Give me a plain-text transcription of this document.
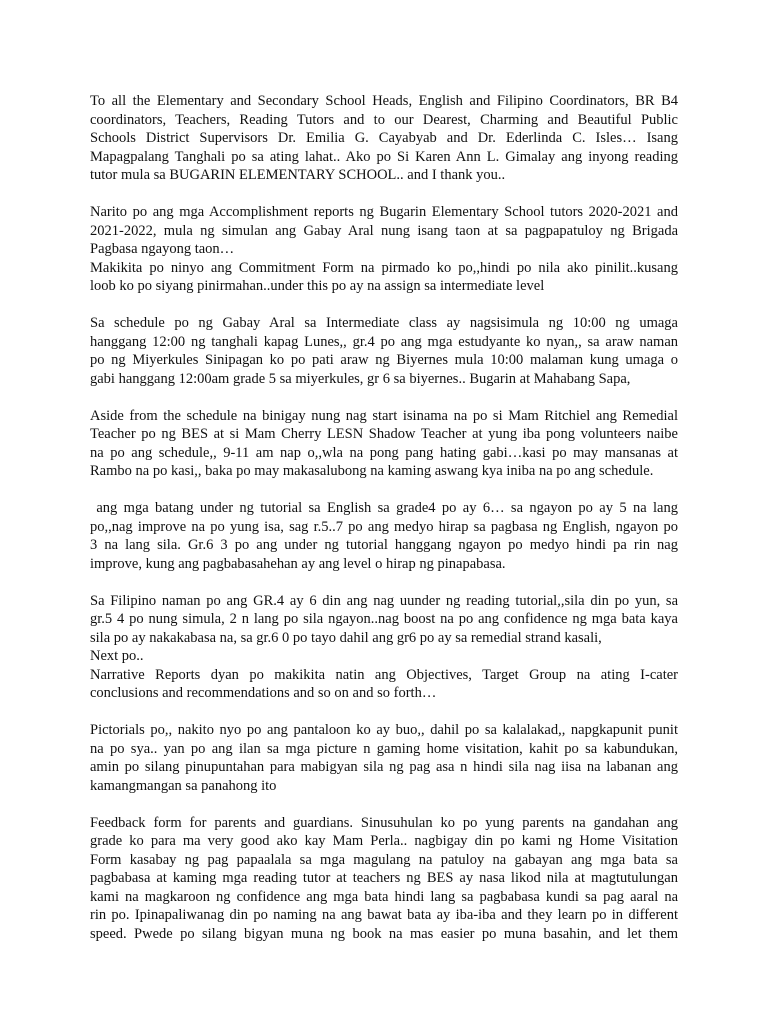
To all the Elementary and Secondary School Heads, English and Filipino Coordinators, BR B4
coordinators, Teachers, Reading Tutors and to our Dearest, Charming and Beautiful Public
Schools District Supervisors Dr. Emilia G. Cayabyab and Dr. Ederlinda C. Isles… Isang
Mapagpalang Tanghali po sa ating lahat.. Ako po Si Karen Ann L. Gimalay ang inyong reading
tutor mula sa BUGARIN ELEMENTARY SCHOOL.. and I thank you..
Narito po ang mga Accomplishment reports ng Bugarin Elementary School tutors 2020-2021 and
2021-2022, mula ng simulan ang Gabay Aral nung isang taon at sa pagpapatuloy ng Brigada
Pagbasa ngayong taon…
Makikita po ninyo ang Commitment Form na pirmado ko po,,hindi po nila ako pinilit..kusang
loob ko po siyang pinirmahan..under this po ay na assign sa intermediate level
Sa schedule po ng Gabay Aral sa Intermediate class ay nagsisimula ng 10:00 ng umaga
hanggang 12:00 ng tanghali kapag Lunes,, gr.4 po ang mga estudyante ko nyan,, sa araw naman
po ng Miyerkules Sinipagan ko po pati araw ng Biyernes mula 10:00 malaman kung umaga o
gabi hanggang 12:00am grade 5 sa miyerkules, gr 6 sa biyernes.. Bugarin at Mahabang Sapa,
Aside from the schedule na binigay nung nag start isinama na po si Mam Ritchiel ang Remedial
Teacher po ng BES at si Mam Cherry LESN Shadow Teacher at yung iba pong volunteers naibe
na po ang schedule,, 9-11 am nap o,,wla na pong pang hating gabi…kasi po may mansanas at
Rambo na po kasi,, baka po may makasalubong na kaming aswang kya iniba na po ang schedule.
ang mga batang under ng tutorial sa English sa grade4 po ay 6… sa ngayon po ay 5 na lang
po,,nag improve na po yung isa, sag r.5..7 po ang medyo hirap sa pagbasa ng English, ngayon po
3 na lang sila. Gr.6 3 po ang under ng tutorial hanggang ngayon po medyo hindi pa rin nag
improve, kung ang pagbabasahehan ay ang level o hirap ng pinapabasa.
Sa Filipino naman po ang GR.4 ay 6 din ang nag uunder ng reading tutorial,,sila din po yun, sa
gr.5 4 po nung simula, 2 n lang po sila ngayon..nag boost na po ang confidence ng mga bata kaya
sila po ay nakakabasa na, sa gr.6 0 po tayo dahil ang gr6 po ay sa remedial strand kasali,
Next po..
Narrative Reports dyan po makikita natin ang Objectives, Target Group na ating I-cater
conclusions and recommendations and so on and so forth…
Pictorials po,, nakito nyo po ang pantaloon ko ay buo,, dahil po sa kalalakad,, napgkapunit punit
na po sya.. yan po ang ilan sa mga picture n gaming home visitation, kahit po sa kabundukan,
amin po silang pinupuntahan para mabigyan sila ng pag asa n hindi sila nag iisa na labanan ang
kamangmangan sa panahong ito
Feedback form for parents and guardians. Sinusuhulan ko po yung parents na gandahan ang
grade ko para ma very good ako kay Mam Perla.. nagbigay din po kami ng Home Visitation
Form kasabay ng pag papaalala sa mga magulang na patuloy na gabayan ang mga bata sa
pagbabasa at kaming mga reading tutor at teachers ng BES ay nasa likod nila at magtutulungan
kami na magkaroon ng confidence ang mga bata hindi lang sa pagbabasa kundi sa pag aaral na
rin po. Ipinapaliwanag din po naming na ang bawat bata ay iba-iba and they learn po in different
speed. Pwede po silang bigyan muna ng book na mas easier po muna basahin, and let them
